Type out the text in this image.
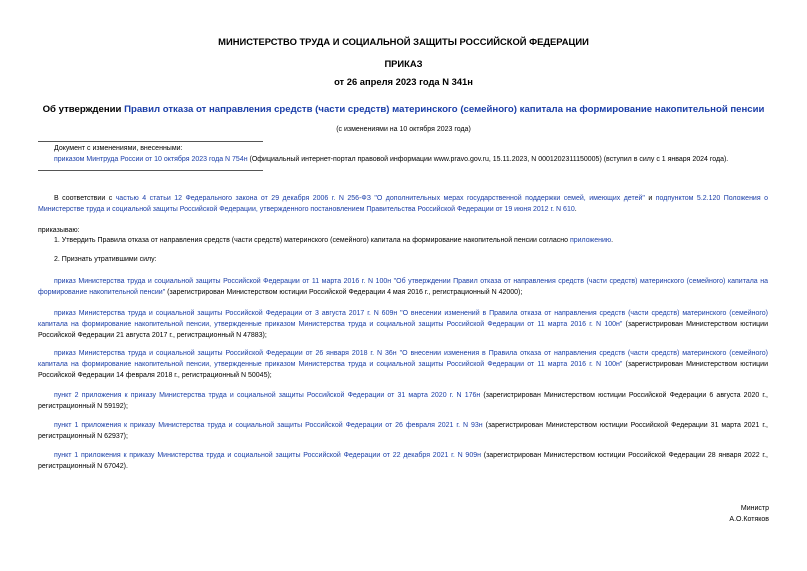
МИНИСТЕРСТВО ТРУДА И СОЦИАЛЬНОЙ ЗАЩИТЫ РОССИЙСКОЙ ФЕДЕРАЦИИ
ПРИКАЗ
от 26 апреля 2023 года N 341н
Об утверждении Правил отказа от направления средств (части средств) материнского (семейного) капитала на формирование накопительной пенсии
(с изменениями на 10 октября 2023 года)
Документ с изменениями, внесенными:
приказом Минтруда России от 10 октября 2023 года N 754н (Официальный интернет-портал правовой информации www.pravo.gov.ru, 15.11.2023, N 0001202311150005) (вступил в силу с 1 января 2024 года).
В соответствии с частью 4 статьи 12 Федерального закона от 29 декабря 2006 г. N 256-ФЗ "О дополнительных мерах государственной поддержки семей, имеющих детей" и подпунктом 5.2.120 Положения о Министерстве труда и социальной защиты Российской Федерации, утвержденного постановлением Правительства Российской Федерации от 19 июня 2012 г. N 610.
приказываю:
1. Утвердить Правила отказа от направления средств (части средств) материнского (семейного) капитала на формирование накопительной пенсии согласно приложению.
2. Признать утратившими силу:
приказ Министерства труда и социальной защиты Российской Федерации от 11 марта 2016 г. N 100н "Об утверждении Правил отказа от направления средств (части средств) материнского (семейного) капитала на формирование накопительной пенсии" (зарегистрирован Министерством юстиции Российской Федерации 4 мая 2016 г., регистрационный N 42000);
приказ Министерства труда и социальной защиты Российской Федерации от 3 августа 2017 г. N 609н "О внесении изменений в Правила отказа от направления средств (части средств) материнского (семейного) капитала на формирование накопительной пенсии, утвержденные приказом Министерства труда и социальной защиты Российской Федерации от 11 марта 2016 г. N 100н" (зарегистрирован Министерством юстиции Российской Федерации 21 августа 2017 г., регистрационный N 47883);
приказ Министерства труда и социальной защиты Российской Федерации от 26 января 2018 г. N 36н "О внесении изменения в Правила отказа от направления средств (части средств) материнского (семейного) капитала на формирование накопительной пенсии, утвержденные приказом Министерства труда и социальной защиты Российской Федерации от 11 марта 2016 г. N 100н" (зарегистрирован Министерством юстиции Российской Федерации 14 февраля 2018 г., регистрационный N 50045);
пункт 2 приложения к приказу Министерства труда и социальной защиты Российской Федерации от 31 марта 2020 г. N 176н (зарегистрирован Министерством юстиции Российской Федерации 6 августа 2020 г., регистрационный N 59192);
пункт 1 приложения к приказу Министерства труда и социальной защиты Российской Федерации от 26 февраля 2021 г. N 93н (зарегистрирован Министерством юстиции Российской Федерации 31 марта 2021 г., регистрационный N 62937);
пункт 1 приложения к приказу Министерства труда и социальной защиты Российской Федерации от 22 декабря 2021 г. N 909н (зарегистрирован Министерством юстиции Российской Федерации 28 января 2022 г., регистрационный N 67042).
Министр
А.О.Котяков
